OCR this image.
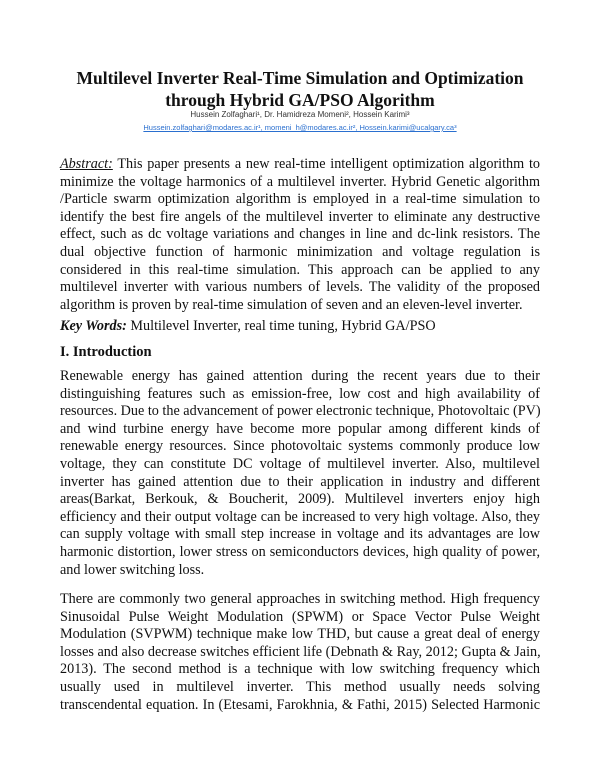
Multilevel Inverter Real-Time Simulation and Optimization
through Hybrid GA/PSO Algorithm
Hussein Zolfaghari¹, Dr. Hamidreza Momeni², Hossein Karimi³
Hussein.zolfaghari@modares.ac.ir¹, momeni_h@modares.ac.ir², Hossein.karimi@ucalgary.ca³
Abstract: This paper presents a new real-time intelligent optimization algorithm to
minimize the voltage harmonics of a multilevel inverter. Hybrid Genetic algorithm
/Particle swarm optimization algorithm is employed in a real-time simulation to
identify the best fire angels of the multilevel inverter to eliminate any destructive
effect, such as dc voltage variations and changes in line and dc-link resistors. The
dual objective function of harmonic minimization and voltage regulation is
considered in this real-time simulation. This approach can be applied to any
multilevel inverter with various numbers of levels. The validity of the proposed
algorithm is proven by real-time simulation of seven and an eleven-level inverter.
Key Words: Multilevel Inverter, real time tuning, Hybrid GA/PSO
I. Introduction
Renewable energy has gained attention during the recent years due to their
distinguishing features such as emission-free, low cost and high availability of
resources. Due to the advancement of power electronic technique, Photovoltaic (PV)
and wind turbine energy have become more popular among different kinds of
renewable energy resources. Since photovoltaic systems commonly produce low
voltage, they can constitute DC voltage of multilevel inverter. Also, multilevel
inverter has gained attention due to their application in industry and different
areas(Barkat, Berkouk, & Boucherit, 2009). Multilevel inverters enjoy high
efficiency and their output voltage can be increased to very high voltage. Also, they
can supply voltage with small step increase in voltage and its advantages are low
harmonic distortion, lower stress on semiconductors devices, high quality of power,
and lower switching loss.
There are commonly two general approaches in switching method. High frequency
Sinusoidal Pulse Weight Modulation (SPWM) or Space Vector Pulse Weight
Modulation (SVPWM) technique make low THD, but cause a great deal of energy
losses and also decrease switches efficient life (Debnath & Ray, 2012; Gupta & Jain,
2013). The second method is a technique with low switching frequency which
usually used in multilevel inverter. This method usually needs solving
transcendental equation. In (Etesami, Farokhnia, & Fathi, 2015) Selected Harmonic
